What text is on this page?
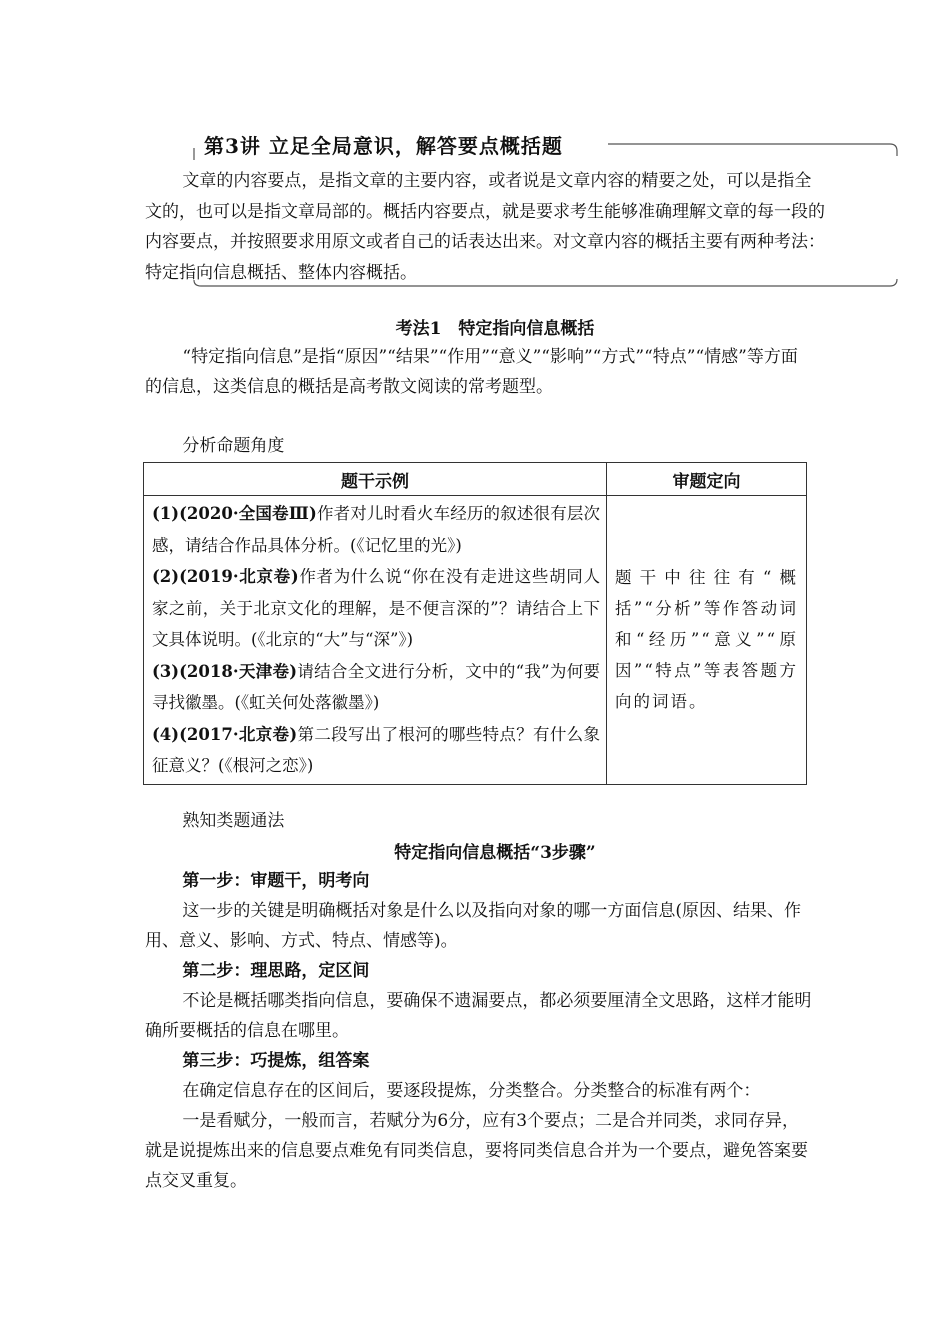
第3讲 立足全局意识，解答要点概括题

文章的内容要点，是指文章的主要内容，或者说是文章内容的精要之处，可以是指全文的，也可以是指文章局部的。概括内容要点，就是要求考生能够准确理解文章的每一段的内容要点，并按照要求用原文或者自己的话表达出来。对文章内容的概括主要有两种考法：特定指向信息概括、整体内容概括。

考法1　特定指向信息概括

“特定指向信息”是指“原因”“结果”“作用”“意义”“影响”“方式”“特点”“情感”等方面的信息，这类信息的概括是高考散文阅读的常考题型。

分析命题角度

题干示例	审题定向

(1)(2020·全国卷Ⅲ)作者对儿时看火车经历的叙述很有层次感，请结合作品具体分析。(《记忆里的光》)

(2)(2019·北京卷)作者为什么说“你在没有走进这些胡同人家之前，关于北京文化的理解，是不便言深的”？请结合上下文具体说明。(《北京的“大”与“深”》)

(3)(2018·天津卷)请结合全文进行分析，文中的“我”为何要寻找徽墨。(《虹关何处落徽墨》)

(4)(2017·北京卷)第二段写出了根河的哪些特点？有什么象征意义？(《根河之恋》)	题干中往往有“概括”“分析”等作答动词和“经历”“意义”“原因”“特点”等表答题方向的词语。

熟知类题通法

特定指向信息概括“3步骤”

第一步：审题干，明考向

这一步的关键是明确概括对象是什么以及指向对象的哪一方面信息(原因、结果、作用、意义、影响、方式、特点、情感等)。

第二步：理思路，定区间

不论是概括哪类指向信息，要确保不遗漏要点，都必须要厘清全文思路，这样才能明确所要概括的信息在哪里。

第三步：巧提炼，组答案

在确定信息存在的区间后，要逐段提炼，分类整合。分类整合的标准有两个：

一是看赋分，一般而言，若赋分为6分，应有3个要点；二是合并同类，求同存异，就是说提炼出来的信息要点难免有同类信息，要将同类信息合并为一个要点，避免答案要点交叉重复。
